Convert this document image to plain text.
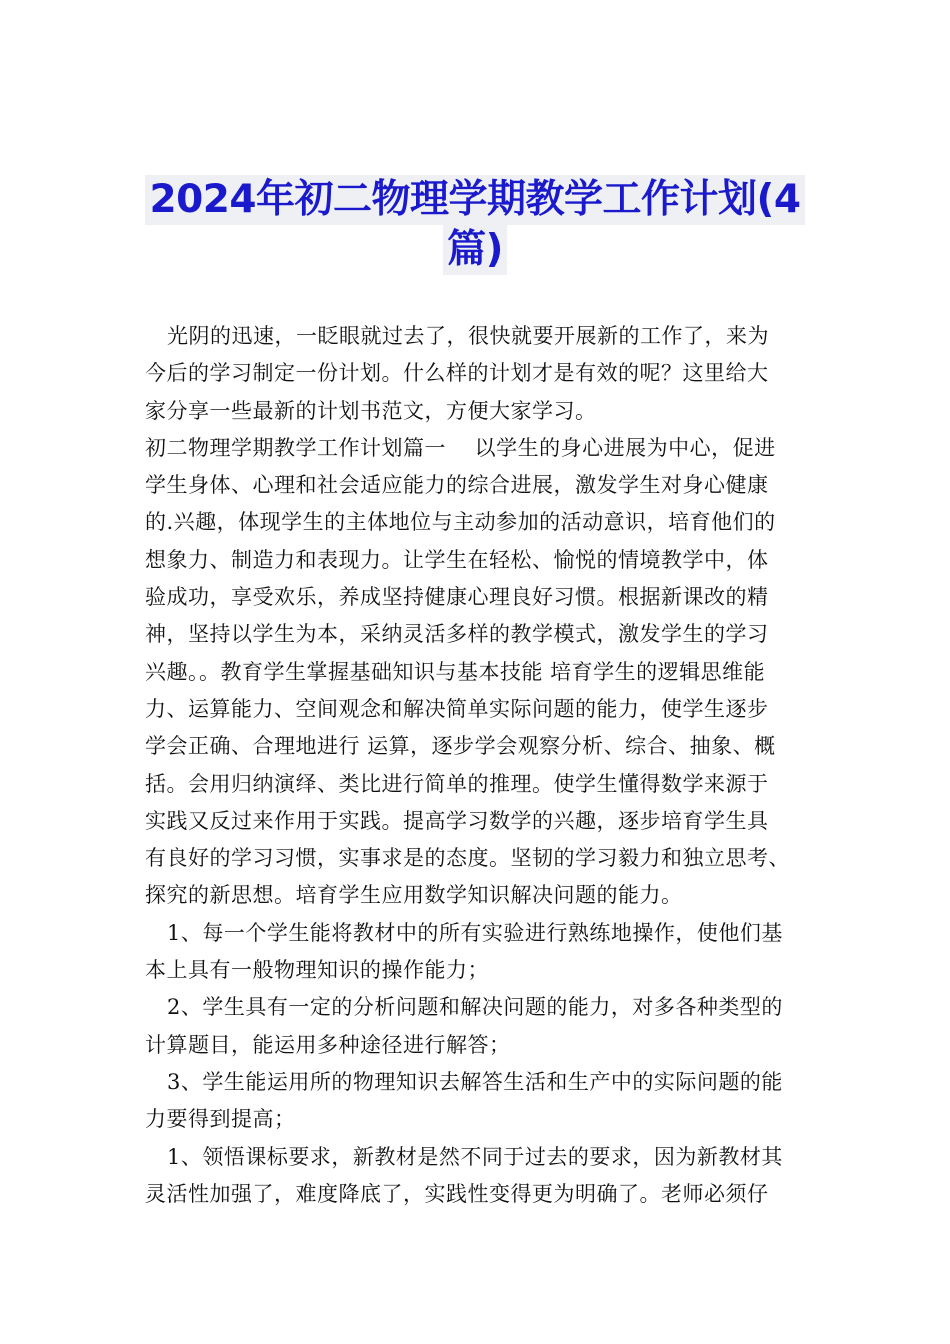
2024年初二物理学期教学工作计划(4
篇)
光阴的迅速，一眨眼就过去了，很快就要开展新的工作了，来为
今后的学习制定一份计划。什么样的计划才是有效的呢？这里给大
家分享一些最新的计划书范文，方便大家学习。
初二物理学期教学工作计划篇一　 以学生的身心进展为中心，促进
学生身体、心理和社会适应能力的综合进展，激发学生对身心健康
的.兴趣，体现学生的主体地位与主动参加的活动意识，培育他们的
想象力、制造力和表现力。让学生在轻松、愉悦的情境教学中，体
验成功，享受欢乐，养成坚持健康心理良好习惯。根据新课改的精
神，坚持以学生为本，采纳灵活多样的教学模式，激发学生的学习
兴趣。。教育学生掌握基础知识与基本技能 培育学生的逻辑思维能
力、运算能力、空间观念和解决简单实际问题的能力，使学生逐步
学会正确、合理地进行 运算，逐步学会观察分析、综合、抽象、概
括。会用归纳演绎、类比进行简单的推理。使学生懂得数学来源于
实践又反过来作用于实践。提高学习数学的兴趣，逐步培育学生具
有良好的学习习惯，实事求是的态度。坚韧的学习毅力和独立思考、
探究的新思想。培育学生应用数学知识解决问题的能力。
1、每一个学生能将教材中的所有实验进行熟练地操作，使他们基
本上具有一般物理知识的操作能力；
2、学生具有一定的分析问题和解决问题的能力，对多各种类型的
计算题目，能运用多种途径进行解答；
3、学生能运用所的物理知识去解答生活和生产中的实际问题的能
力要得到提高；
1、领悟课标要求，新教材是然不同于过去的要求，因为新教材其
灵活性加强了，难度降底了，实践性变得更为明确了。老师必须仔
